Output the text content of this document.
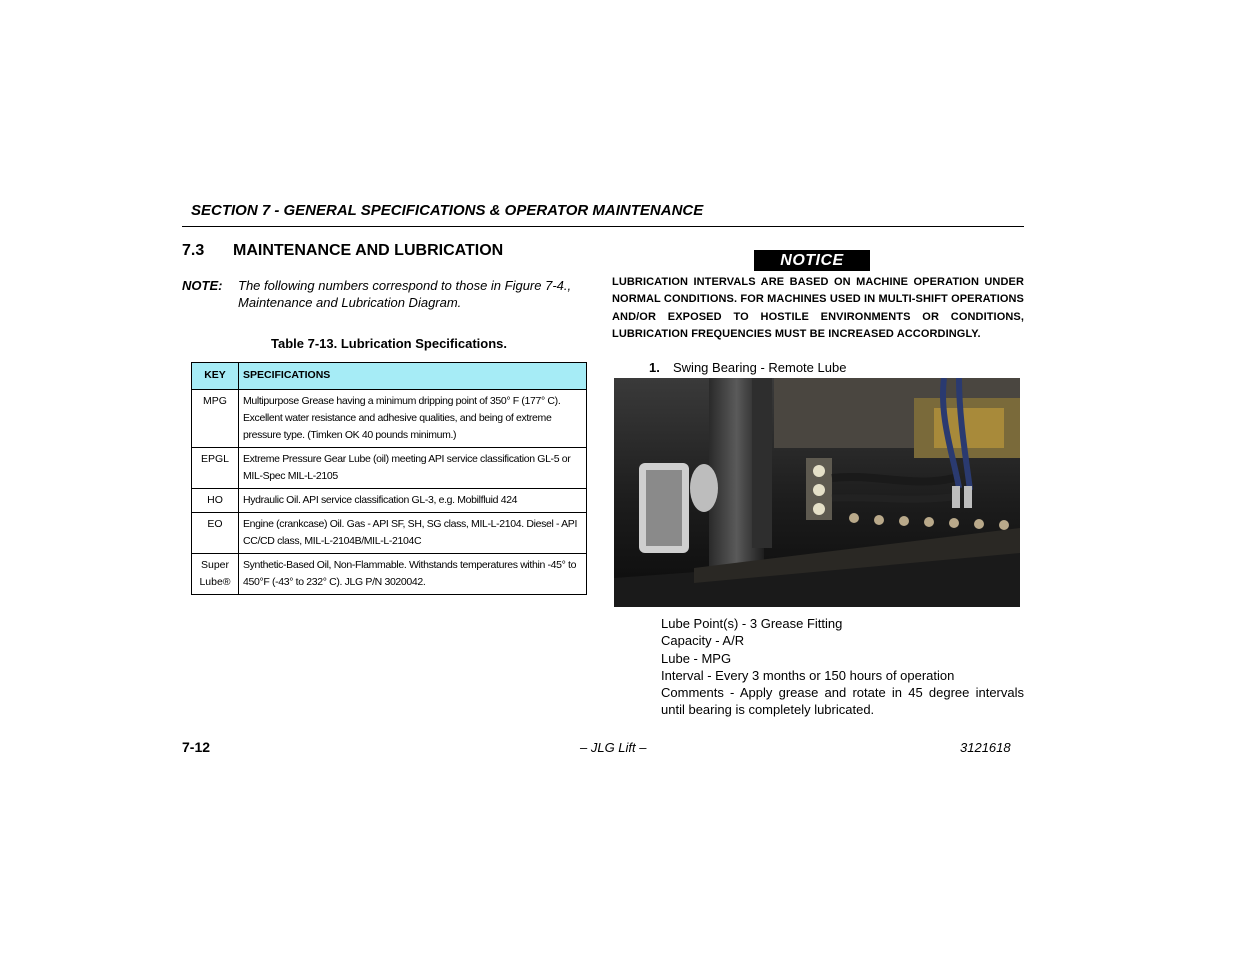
SECTION 7 - GENERAL SPECIFICATIONS & OPERATOR MAINTENANCE
7.3 MAINTENANCE AND LUBRICATION
NOTE: The following numbers correspond to those in Figure 7-4., Maintenance and Lubrication Diagram.
Table 7-13. Lubrication Specifications.
KEY	SPECIFICATIONS
MPG	Multipurpose Grease having a minimum dripping point of 350° F (177° C). Excellent water resistance and adhesive qualities, and being of extreme pressure type. (Timken OK 40 pounds minimum.)
EPGL	Extreme Pressure Gear Lube (oil) meeting API service classification GL-5 or MIL-Spec MIL-L-2105
HO	Hydraulic Oil. API service classification GL-3, e.g. Mobilfluid 424
EO	Engine (crankcase) Oil. Gas - API SF, SH, SG class, MIL-L-2104. Diesel - API CC/CD class, MIL-L-2104B/MIL-L-2104C
Super Lube®	Synthetic-Based Oil, Non-Flammable. Withstands temperatures within -45° to 450°F (-43° to 232° C). JLG P/N 3020042.
NOTICE
LUBRICATION INTERVALS ARE BASED ON MACHINE OPERATION UNDER NORMAL CONDITIONS. FOR MACHINES USED IN MULTI-SHIFT OPERATIONS AND/OR EXPOSED TO HOSTILE ENVIRONMENTS OR CONDITIONS, LUBRICATION FREQUENCIES MUST BE INCREASED ACCORDINGLY.
1. Swing Bearing - Remote Lube
Lube Point(s) - 3 Grease Fitting
Capacity - A/R
Lube - MPG
Interval - Every 3 months or 150 hours of operation
Comments - Apply grease and rotate in 45 degree intervals until bearing is completely lubricated.
7-12	– JLG Lift –	3121618
